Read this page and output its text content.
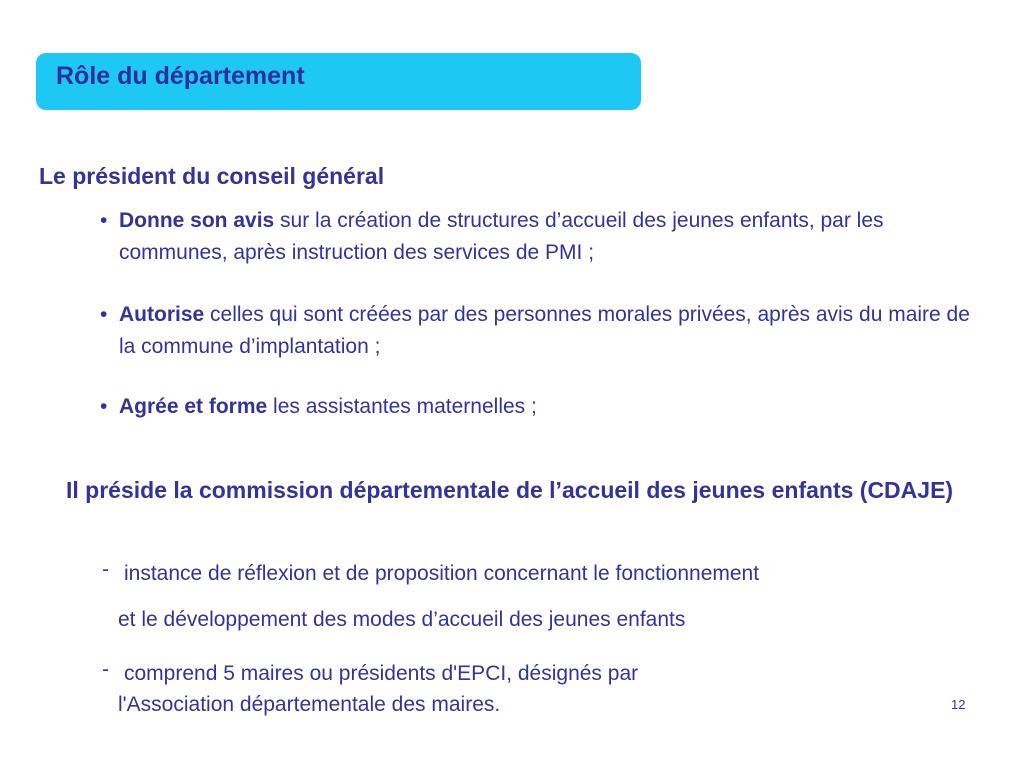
Rôle du département
Le président du conseil général
• Donne son avis sur la création de structures d’accueil des jeunes enfants, par les communes, après instruction des services de PMI ;
• Autorise celles qui sont créées par des personnes morales privées, après avis du maire de la commune d’implantation ;
• Agrée et forme les assistantes maternelles ;
Il préside la commission départementale de l’accueil des jeunes enfants (CDAJE)
- instance de réflexion et de proposition concernant le fonctionnement
et le développement des modes d’accueil des jeunes enfants
- comprend 5 maires ou présidents d'EPCI, désignés par
l'Association départementale des maires.	12
